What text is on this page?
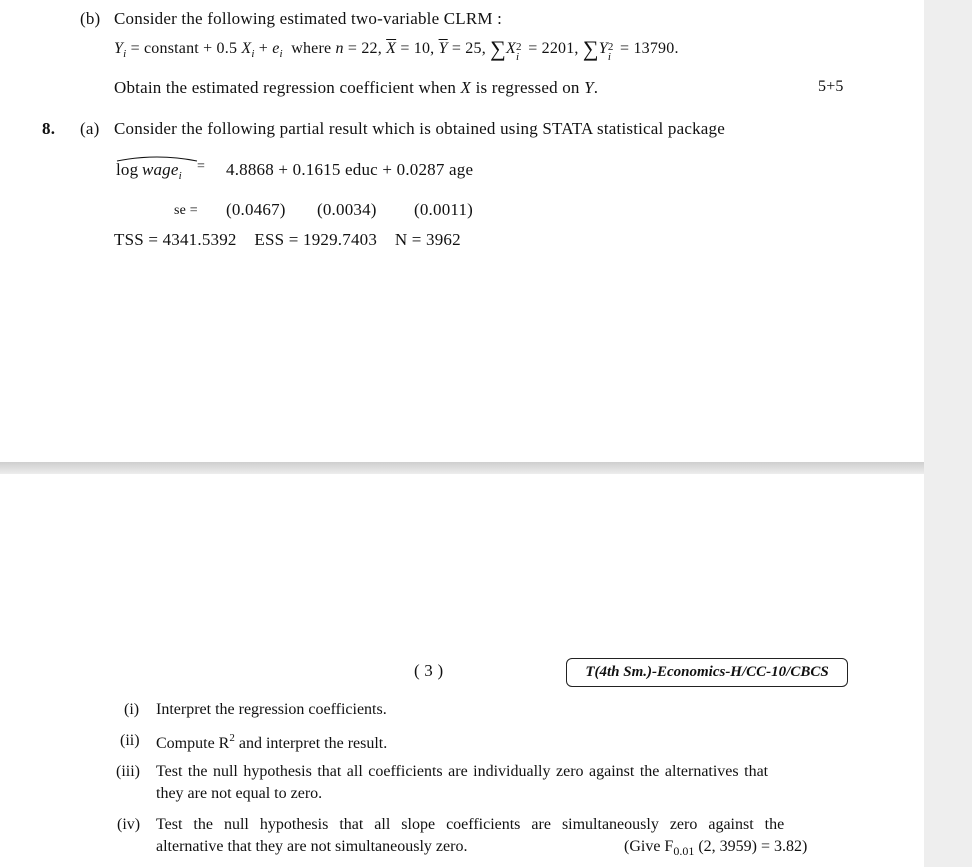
(b) Consider the following estimated two-variable CLRM :
$Y_i$ = constant + 0.5 $X_i + e_i$ where n = 22, $\overline{X} = 10$, $\overline{Y} = 25$, ∑X 2
i = 2201, ∑Y 2
i = 13790.
Obtain the estimated regression coefficient when X is regressed on Y.	5+5
8. (a) Consider the following partial result which is obtained using STATA statistical package
log  wage$_i$
= 4.8868 + 0.1615 educ + 0.0287 age
se = (0.0467) (0.0034) (0.0011)
TSS = 4341.5392    ESS = 1929.7403    N = 3962
( 3 )	T(4th Sm.)-Economics-H/CC-10/CBCS
(i) Interpret the regression coefficients.
(ii) Compute $R^2$ and interpret the result.
(iii) Test the null hypothesis that all coefficients are individually zero against the alternatives that
they are not equal to zero.
(iv) Test the null hypothesis that all slope coefficients are simultaneously zero against the
alternative that they are not simultaneously zero.	(Give $F_{0.01}$ (2, 3959) = 3.82)
